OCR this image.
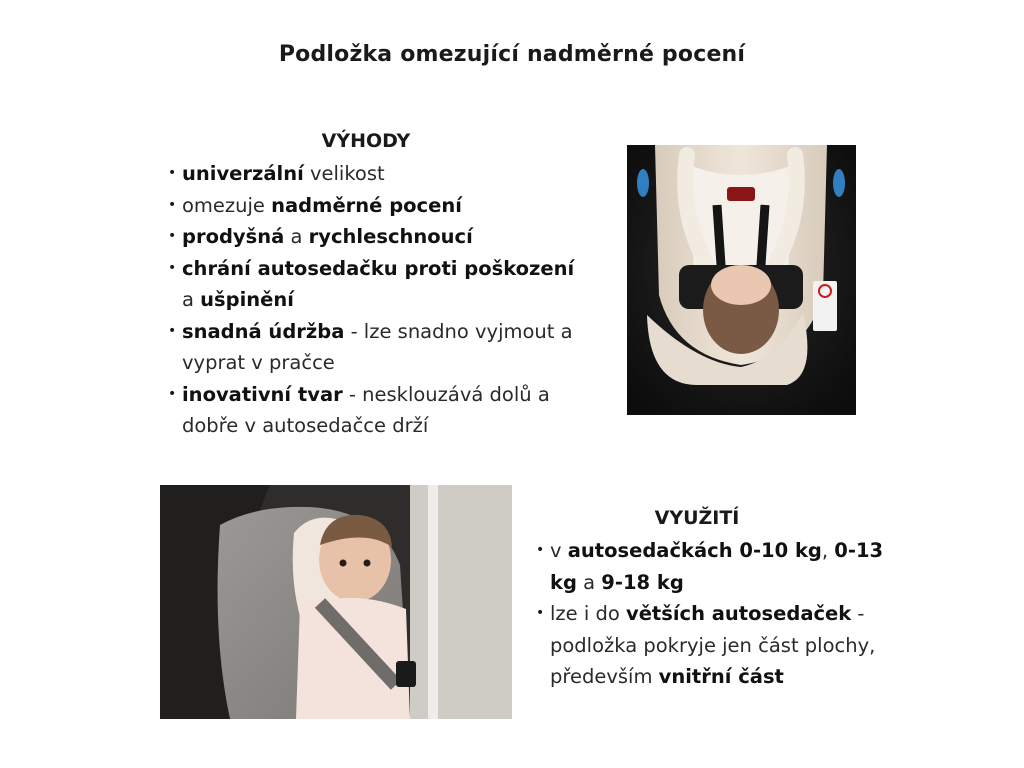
Podložka omezující nadměrné pocení
VÝHODY
• univerzální velikost
• omezuje nadměrné pocení
• prodyšná a rychleschnoucí
• chrání autosedačku proti poškození a ušpinění
• snadná údržba - lze snadno vyjmout a vyprat v pračce
• inovativní tvar - nesklouzává dolů a dobře v autosedačce drží
VYUŽITÍ
• v autosedačkách 0-10 kg, 0-13 kg a 9-18 kg
• lze i do větších autosedaček - podložka pokryje jen část plochy, především vnitřní část
